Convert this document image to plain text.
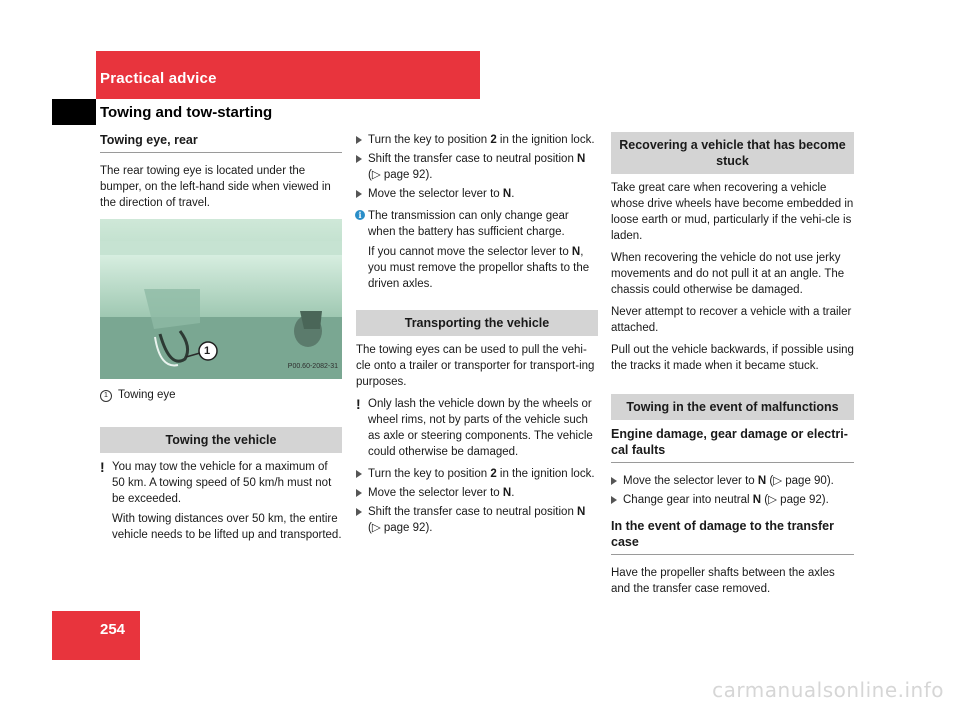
Practical advice
Towing and tow-starting
Towing eye, rear

The rear towing eye is located under the bumper, on the left-hand side when viewed in the direction of travel.

1
P00.60-2082-31

1 Towing eye

Towing the vehicle
! You may tow the vehicle for a maximum of 50 km. A towing speed of 50 km/h must not be exceeded.

With towing distances over 50 km, the entire vehicle needs to be lifted up and transported.

Turn the key to position 2 in the ignition lock.
Shift the transfer case to neutral position N (▷ page 92).
Move the selector lever to N.
i The transmission can only change gear when the battery has sufficient charge.

If you cannot move the selector lever to N, you must remove the propellor shafts to the driven axles.

Transporting the vehicle

The towing eyes can be used to pull the vehi-cle onto a trailer or transporter for transport-ing purposes.

! Only lash the vehicle down by the wheels or wheel rims, not by parts of the vehicle such as axle or steering components. The vehicle could otherwise be damaged.

Turn the key to position 2 in the ignition lock.
Move the selector lever to N.
Shift the transfer case to neutral position N (▷ page 92).
Recovering a vehicle that has become stuck

Take great care when recovering a vehicle whose drive wheels have become embedded in loose earth or mud, particularly if the vehi-cle is laden.

When recovering the vehicle do not use jerky movements and do not pull it at an angle. The chassis could otherwise be damaged.

Never attempt to recover a vehicle with a trailer attached.

Pull out the vehicle backwards, if possible using the tracks it made when it became stuck.

Towing in the event of malfunctions
Engine damage, gear damage or electri-cal faults
Move the selector lever to N (▷ page 90).
Change gear into neutral N (▷ page 92).
In the event of damage to the transfer case

Have the propeller shafts between the axles and the transfer case removed.

254
carmanualsonline.info
